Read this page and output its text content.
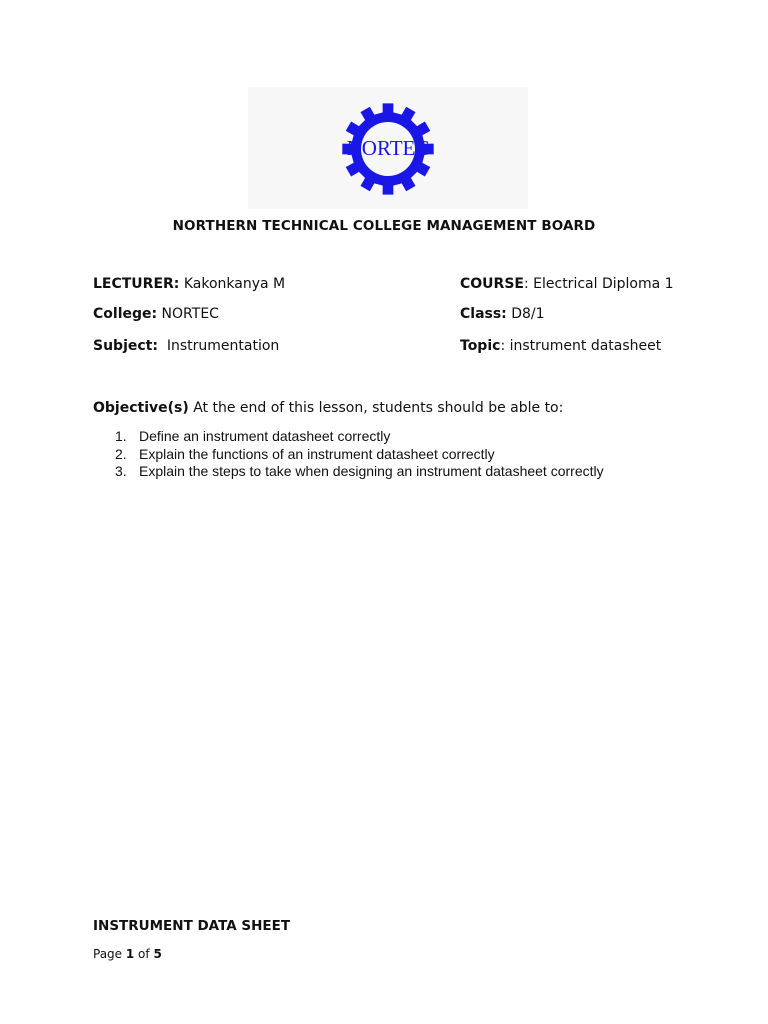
NORTEC
NORTHERN TECHNICAL COLLEGE MANAGEMENT BOARD
LECTURER: Kakonkanya M	COURSE: Electrical Diploma 1
College: NORTEC	Class: D8/1
Subject:  Instrumentation	Topic: instrument datasheet
Objective(s) At the end of this lesson, students should be able to:
1. Define an instrument datasheet correctly
2. Explain the functions of an instrument datasheet correctly
3. Explain the steps to take when designing an instrument datasheet correctly
INSTRUMENT DATA SHEET
Page 1 of 5
